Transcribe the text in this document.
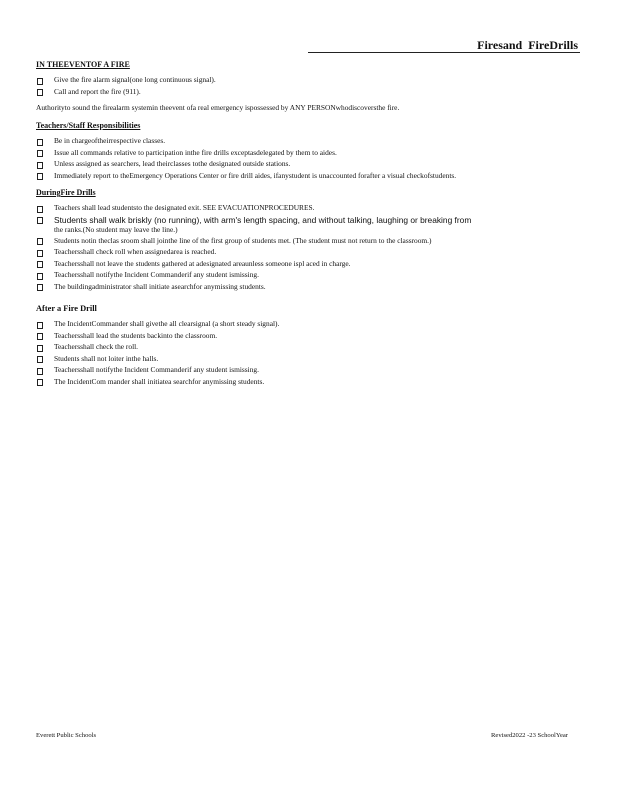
Firesand FireDrills
IN THEEVENTOF A FIRE
Give the fire alarm signal(one long continuous signal).
Call and report the fire (911).
Authorityto sound the firealarm systemin theevent ofa real emergency ispossessed by ANY PERSONwhodiscoversthe fire.
Teachers/Staff Responsibilities
Be in chargeoftheirrespective classes.
Issue all commands relative to participation inthe fire drills exceptasdelegated by them to aides.
Unless assigned as searchers, lead theirclasses tothe designated outside stations.
Immediately report to theEmergency Operations Center or fire drill aides, ifanystudent is unaccounted forafter a visual checkofstudents.
DuringFire Drills
Teachers shall lead studentsto the designated exit. SEE EVACUATIONPROCEDURES.
Students shall walk briskly (no running), with arm's length spacing, and without talking, laughing or breaking from
the ranks.(No student may leave the line.)
Students notin theclas sroom shall jointhe line of the first group of students met. (The student must not return to the classroom.)
Teachersshall check roll when assignedarea is reached.
Teachersshall not leave the students gathered at adesignated areaunless someone ispl aced in charge.
Teachersshall notifythe Incident Commanderif any student ismissing.
The buildingadministrator shall initiate asearchfor anymissing students.
After a Fire Drill
The IncidentCommander shall givethe all clearsignal (a short steady signal).
Teachersshall lead the students backinto the classroom.
Teachersshall check the roll.
Students shall not loiter inthe halls.
Teachersshall notifythe Incident Commanderif any student ismissing.
The IncidentCom mander shall initiatea searchfor anymissing students.
Everett Public Schools	Revised2022 -23 SchoolYear
